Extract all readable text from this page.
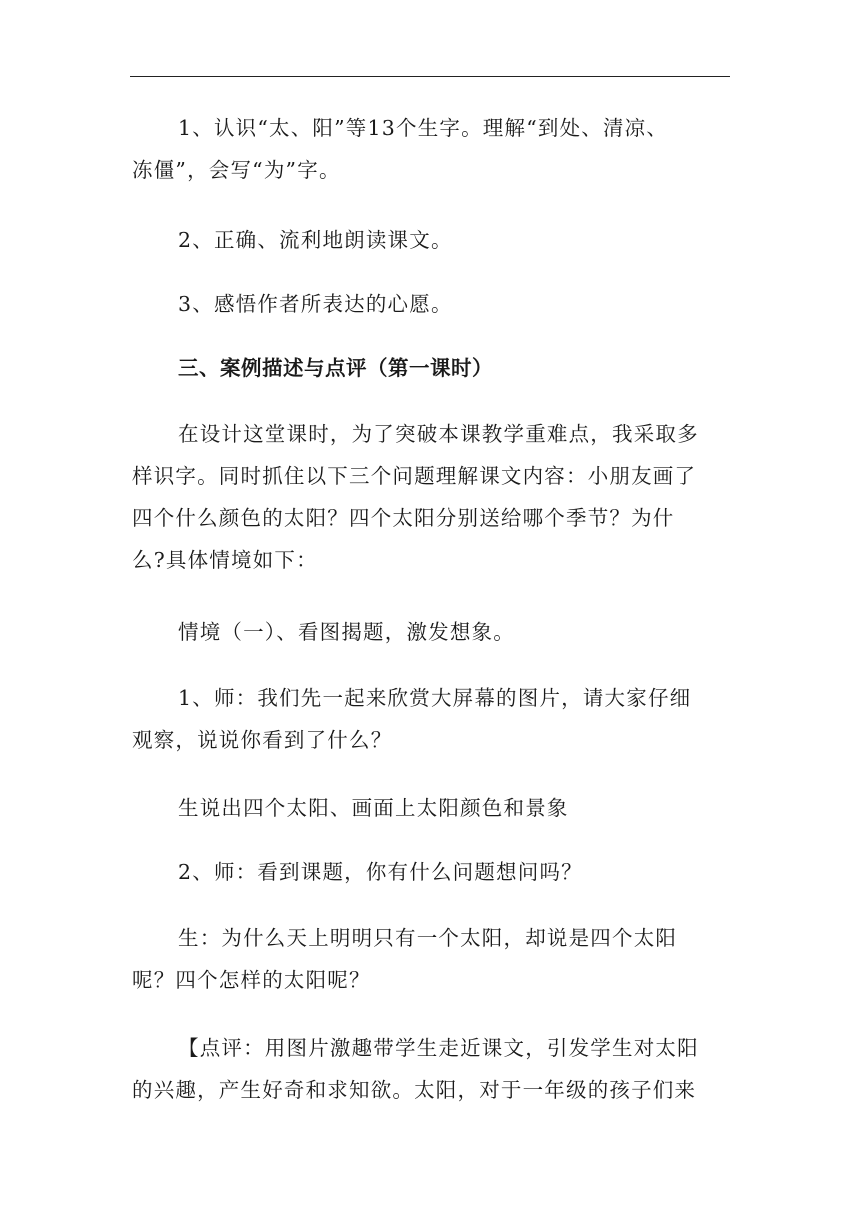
1、认识“太、阳”等13个生字。理解“到处、清凉、
冻僵”，会写“为”字。

2、正确、流利地朗读课文。

3、感悟作者所表达的心愿。

三、案例描述与点评（第一课时）

在设计这堂课时，为了突破本课教学重难点，我采取多
样识字。同时抓住以下三个问题理解课文内容：小朋友画了
四个什么颜色的太阳？四个太阳分别送给哪个季节？为什
么?具体情境如下：

情境（一）、看图揭题，激发想象。

1、师：我们先一起来欣赏大屏幕的图片，请大家仔细
观察，说说你看到了什么？

生说出四个太阳、画面上太阳颜色和景象

2、师：看到课题，你有什么问题想问吗？

生：为什么天上明明只有一个太阳，却说是四个太阳
呢？四个怎样的太阳呢？

【点评：用图片激趣带学生走近课文，引发学生对太阳
的兴趣，产生好奇和求知欲。太阳，对于一年级的孩子们来
